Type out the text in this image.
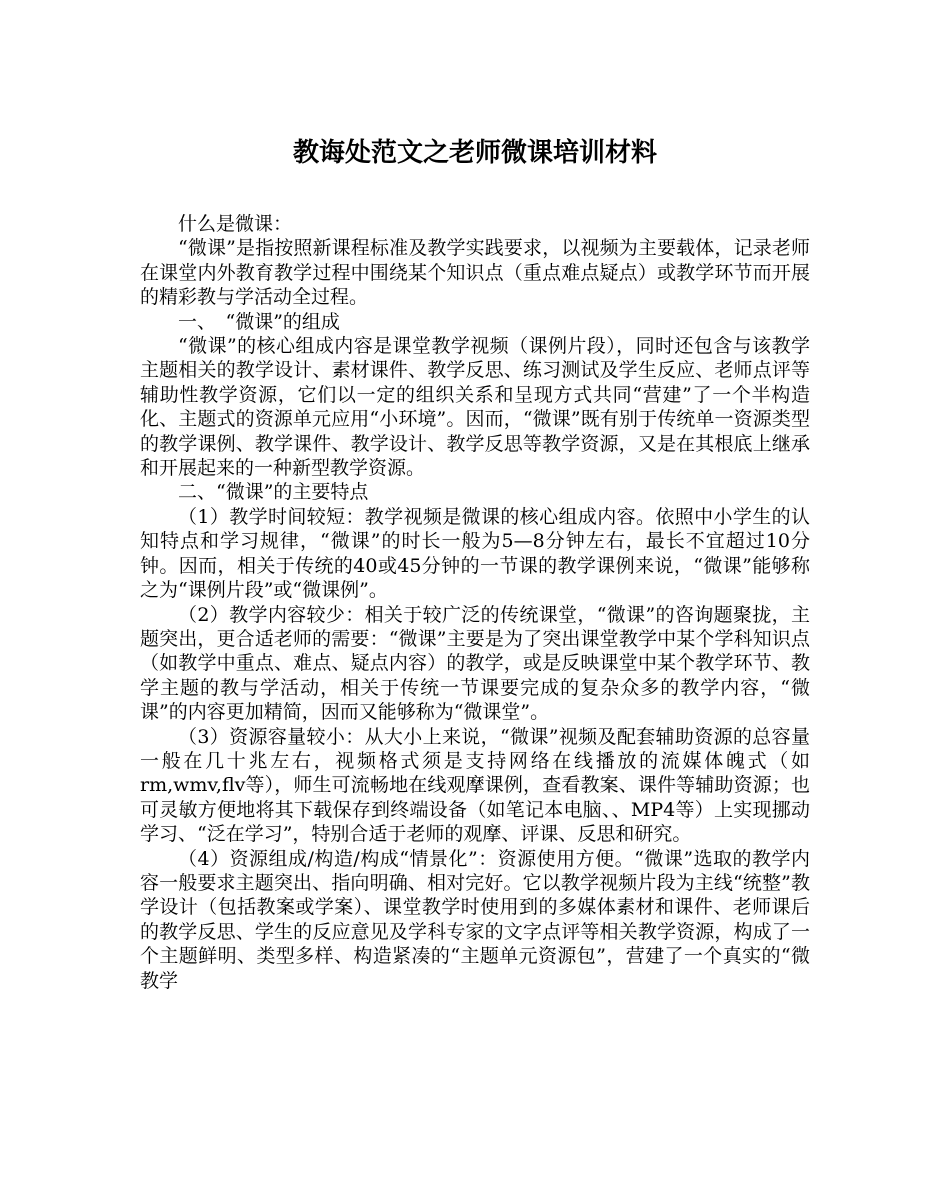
教诲处范文之老师微课培训材料

什么是微课：

“微课”是指按照新课程标准及教学实践要求，以视频为主要载体，记录老师在课堂内外教育教学过程中围绕某个知识点（重点难点疑点）或教学环节而开展的精彩教与学活动全过程。

一、　“微课”的组成

“微课”的核心组成内容是课堂教学视频（课例片段），同时还包含与该教学主题相关的教学设计、素材课件、教学反思、练习测试及学生反应、老师点评等辅助性教学资源，它们以一定的组织关系和呈现方式共同“营建”了一个半构造化、主题式的资源单元应用“小环境”。因而，“微课”既有别于传统单一资源类型的教学课例、教学课件、教学设计、教学反思等教学资源，又是在其根底上继承和开展起来的一种新型教学资源。

二、“微课”的主要特点

（1）教学时间较短：教学视频是微课的核心组成内容。依照中小学生的认知特点和学习规律，“微课”的时长一般为5—8分钟左右，最长不宜超过10分钟。因而，相关于传统的40或45分钟的一节课的教学课例来说，“微课”能够称之为“课例片段”或“微课例”。

（2）教学内容较少：相关于较广泛的传统课堂，“微课”的咨询题聚拢，主题突出，更合适老师的需要：“微课”主要是为了突出课堂教学中某个学科知识点（如教学中重点、难点、疑点内容）的教学，或是反映课堂中某个教学环节、教学主题的教与学活动，相关于传统一节课要完成的复杂众多的教学内容，“微课”的内容更加精简，因而又能够称为“微课堂”。

（3）资源容量较小：从大小上来说，“微课”视频及配套辅助资源的总容量一般在几十兆左右，视频格式须是支持网络在线播放的流媒体魄式（如rm,wmv,flv等），师生可流畅地在线观摩课例，查看教案、课件等辅助资源；也可灵敏方便地将其下载保存到终端设备（如笔记本电脑、、MP4等）上实现挪动学习、“泛在学习”，特别合适于老师的观摩、评课、反思和研究。

（4）资源组成/构造/构成“情景化”：资源使用方便。“微课”选取的教学内容一般要求主题突出、指向明确、相对完好。它以教学视频片段为主线“统整”教学设计（包括教案或学案）、课堂教学时使用到的多媒体素材和课件、老师课后的教学反思、学生的反应意见及学科专家的文字点评等相关教学资源，构成了一个主题鲜明、类型多样、构造紧凑的“主题单元资源包”，营建了一个真实的“微教学
